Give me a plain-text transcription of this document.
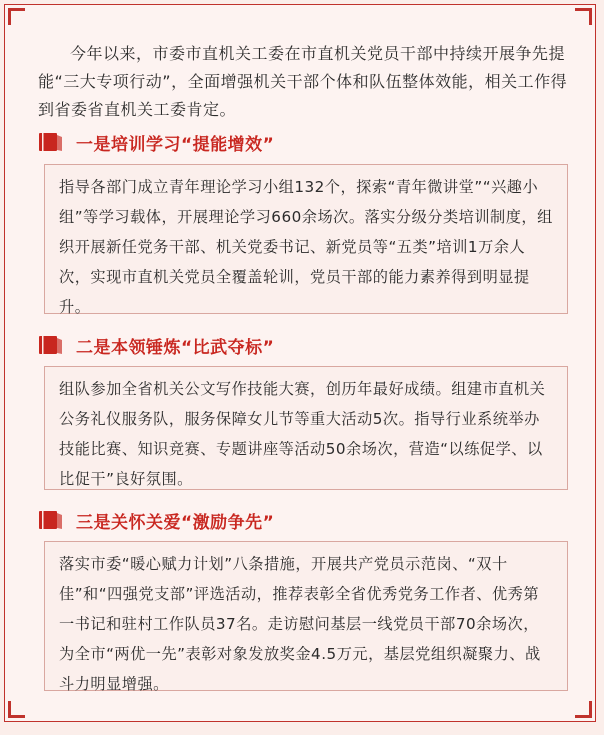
今年以来，市委市直机关工委在市直机关党员干部中持续开展争先提能“三大专项行动”，全面增强机关干部个体和队伍整体效能，相关工作得到省委省直机关工委肯定。

一是培训学习“提能增效”

指导各部门成立青年理论学习小组132个，探索“青年微讲堂”“兴趣小组”等学习载体，开展理论学习660余场次。落实分级分类培训制度，组织开展新任党务干部、机关党委书记、新党员等“五类”培训1万余人次，实现市直机关党员全覆盖轮训，党员干部的能力素养得到明显提升。

二是本领锤炼“比武夺标”

组队参加全省机关公文写作技能大赛，创历年最好成绩。组建市直机关公务礼仪服务队，服务保障女儿节等重大活动5次。指导行业系统举办技能比赛、知识竞赛、专题讲座等活动50余场次，营造“以练促学、以比促干”良好氛围。

三是关怀关爱“激励争先”

落实市委“暖心赋力计划”八条措施，开展共产党员示范岗、“双十佳”和“四强党支部”评选活动，推荐表彰全省优秀党务工作者、优秀第一书记和驻村工作队员37名。走访慰问基层一线党员干部70余场次，为全市“两优一先”表彰对象发放奖金4.5万元，基层党组织凝聚力、战斗力明显增强。
